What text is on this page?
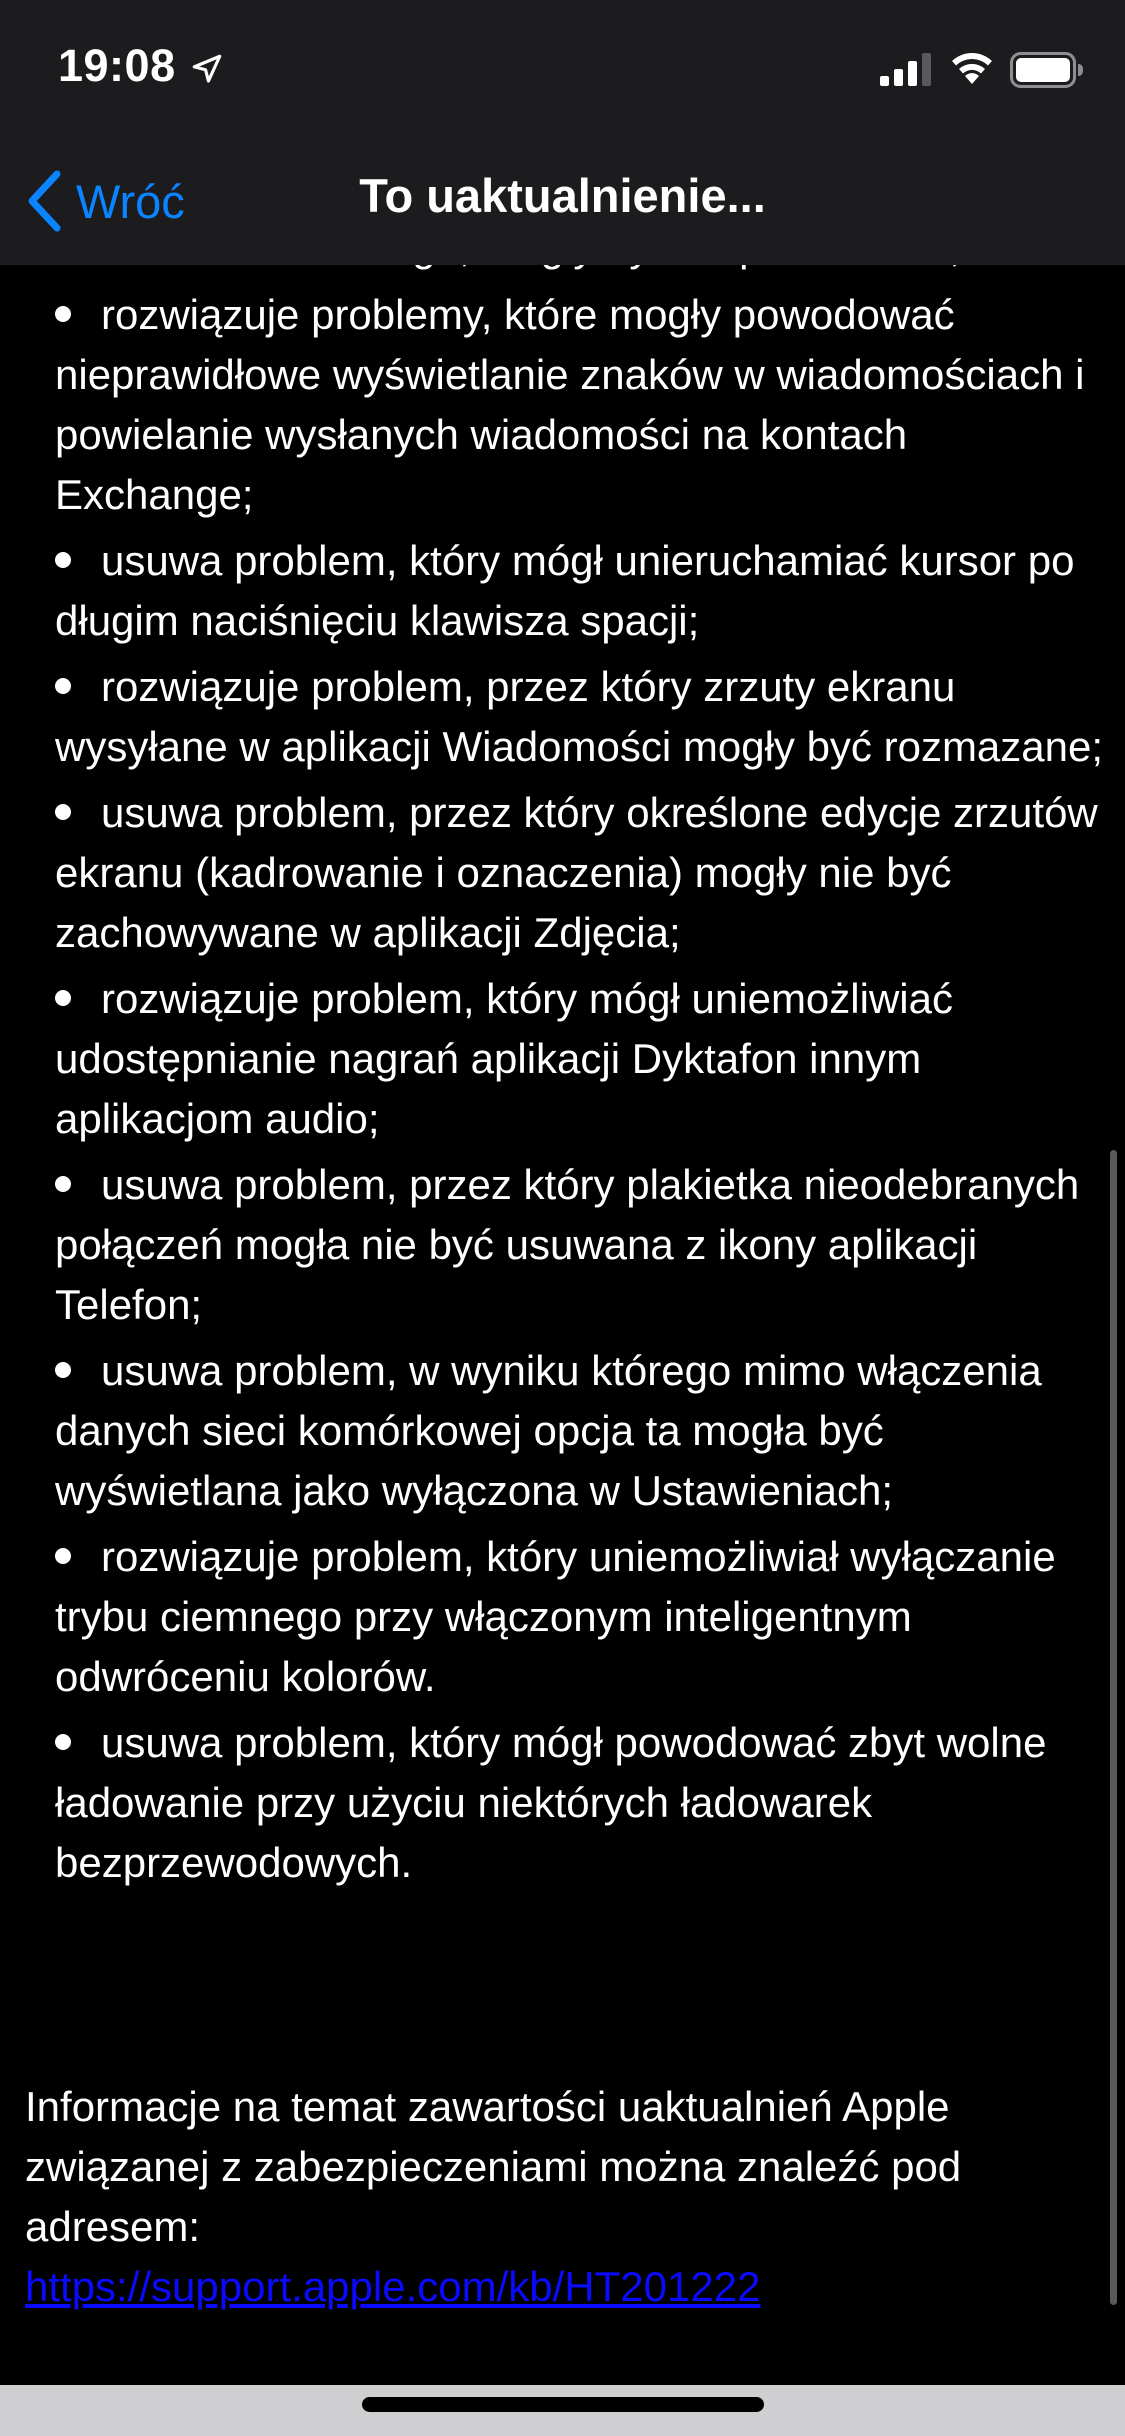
19:08
Wróć	To uaktualnienie...
rozwiązuje problemy, które mogły powodować nieprawidłowe wyświetlanie znaków w wiadomościach i powielanie wysłanych wiadomości na kontach Exchange;
usuwa problem, który mógł unieruchamiać kursor po długim naciśnięciu klawisza spacji;
rozwiązuje problem, przez który zrzuty ekranu wysyłane w aplikacji Wiadomości mogły być rozmazane;
usuwa problem, przez który określone edycje zrzutów ekranu (kadrowanie i oznaczenia) mogły nie być zachowywane w aplikacji Zdjęcia;
rozwiązuje problem, który mógł uniemożliwiać udostępnianie nagrań aplikacji Dyktafon innym aplikacjom audio;
usuwa problem, przez który plakietka nieodebranych połączeń mogła nie być usuwana z ikony aplikacji Telefon;
usuwa problem, w wyniku którego mimo włączenia danych sieci komórkowej opcja ta mogła być wyświetlana jako wyłączona w Ustawieniach;
rozwiązuje problem, który uniemożliwiał wyłączanie trybu ciemnego przy włączonym inteligentnym odwróceniu kolorów.
usuwa problem, który mógł powodować zbyt wolne ładowanie przy użyciu niektórych ładowarek bezprzewodowych.
Informacje na temat zawartości uaktualnień Apple związanej z zabezpieczeniami można znaleźć pod adresem:
https://support.apple.com/kb/HT201222
